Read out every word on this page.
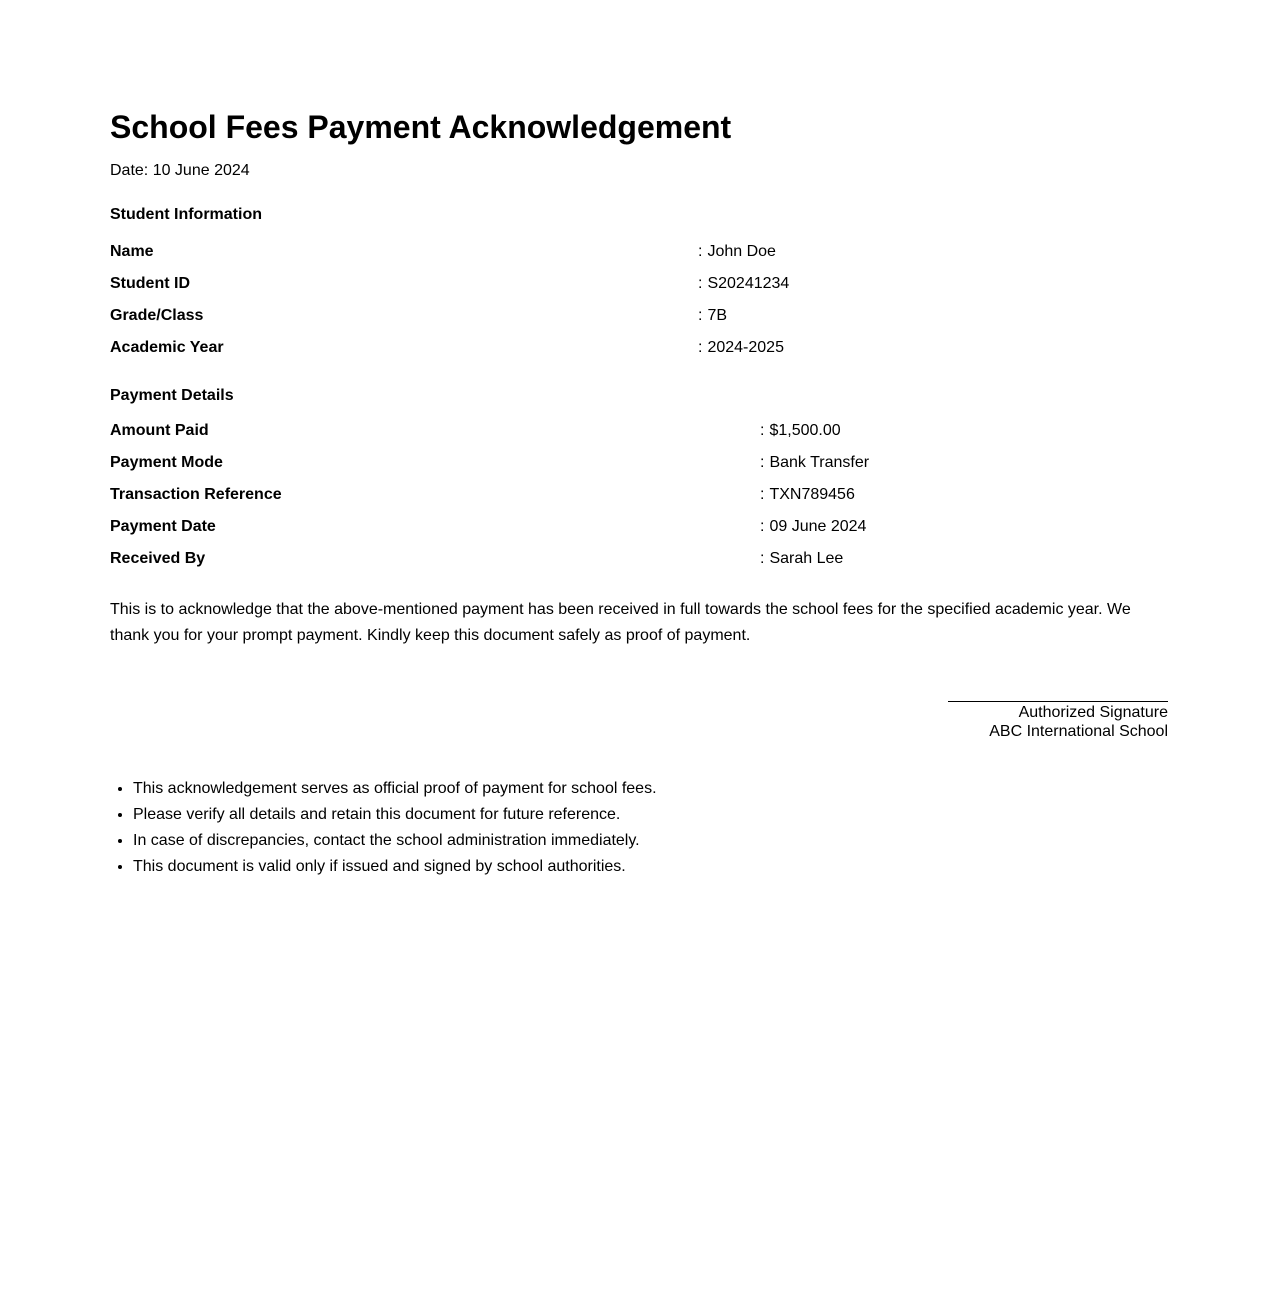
School Fees Payment Acknowledgement
Date: 10 June 2024
Student Information
Name	: John Doe
Student ID	: S20241234
Grade/Class	: 7B
Academic Year	: 2024-2025
Payment Details
Amount Paid	: $1,500.00
Payment Mode	: Bank Transfer
Transaction Reference	: TXN789456
Payment Date	: 09 June 2024
Received By	: Sarah Lee

This is to acknowledge that the above-mentioned payment has been received in full towards the school fees for the specified academic year. We thank you for your prompt payment. Kindly keep this document safely as proof of payment.

Authorized Signature
ABC International School
• This acknowledgement serves as official proof of payment for school fees.
• Please verify all details and retain this document for future reference.
• In case of discrepancies, contact the school administration immediately.
• This document is valid only if issued and signed by school authorities.
